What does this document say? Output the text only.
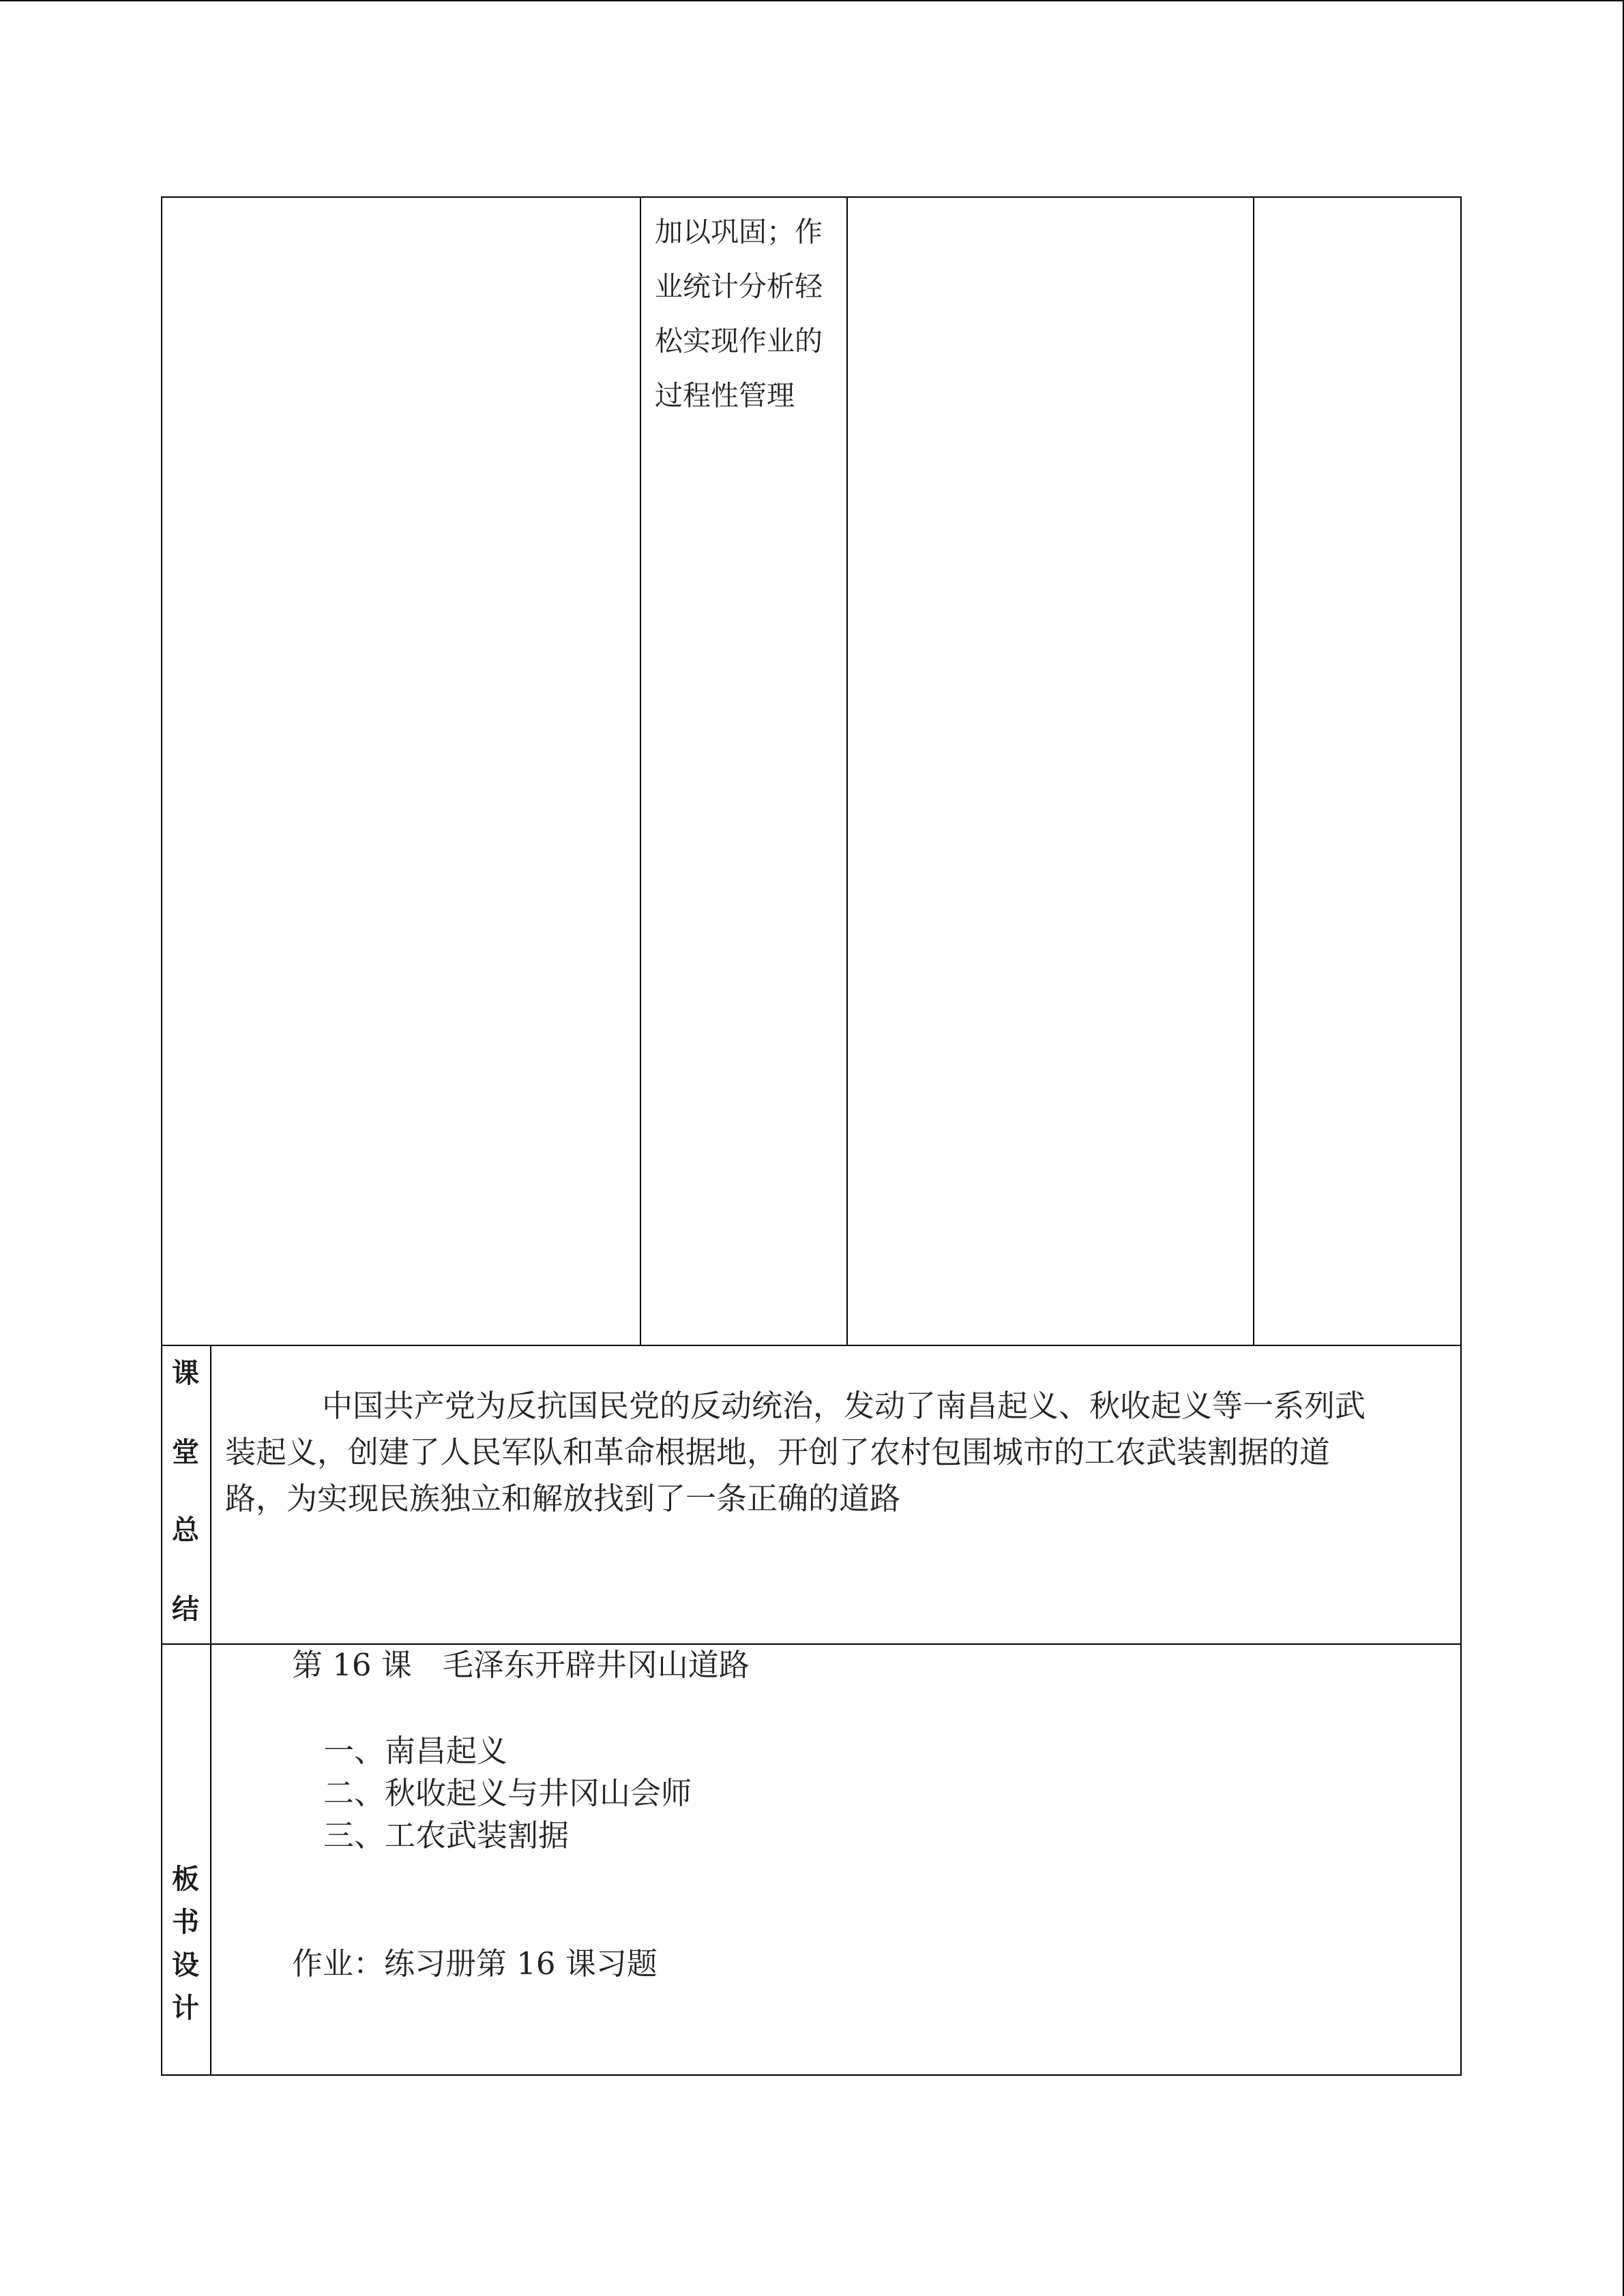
加以巩固；作
业统计分析轻
松实现作业的
过程性管理
课
堂
总
结
中国共产党为反抗国民党的反动统治，发动了南昌起义、秋收起义等一系列武
装起义，创建了人民军队和革命根据地，开创了农村包围城市的工农武装割据的道
路，为实现民族独立和解放找到了一条正确的道路
板
书
设
计
第 16 课　毛泽东开辟井冈山道路
一、南昌起义
二、秋收起义与井冈山会师
三、工农武装割据
作业：练习册第 16 课习题
